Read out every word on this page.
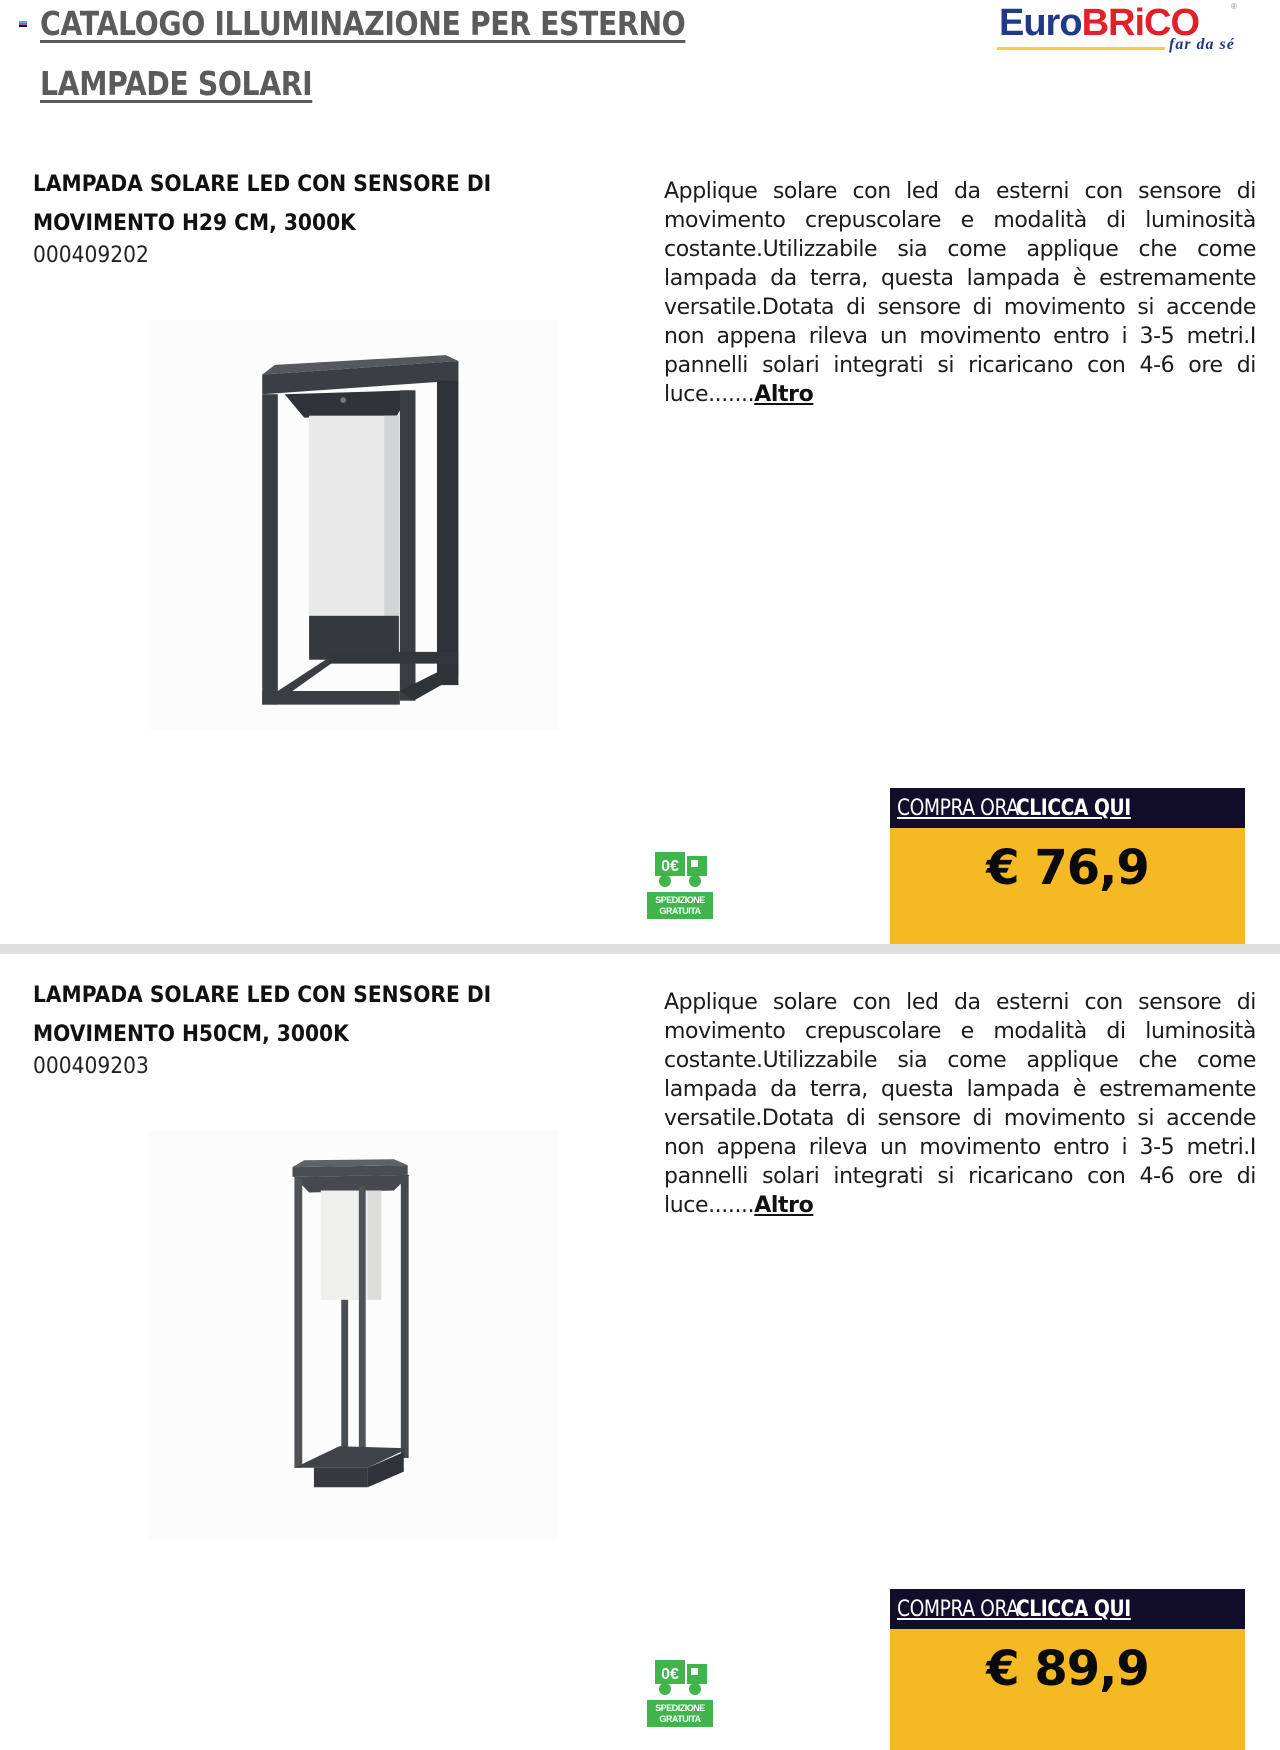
CATALOGO ILLUMINAZIONE PER ESTERNO
LAMPADE SOLARI
EuroBRiCO	®
far da sé
LAMPADA SOLARE LED CON SENSORE DI MOVIMENTO H29 CM, 3000K
000409202
Applique solare con led da esterni con sensore di movimento crepuscolare e modalità di luminosità costante.Utilizzabile sia come applique che come lampada da terra, questa lampada è estremamente versatile.Dotata di sensore di movimento si accende non appena rileva un movimento entro i 3-5 metri.I pannelli solari integrati si ricaricano con 4-6 ore di luce.......Altro
0€
SPEDIZIONE
GRATUITA
COMPRA ORACLICCA QUI
€ 76,9
LAMPADA SOLARE LED CON SENSORE DI MOVIMENTO H50CM, 3000K
000409203
Applique solare con led da esterni con sensore di movimento crepuscolare e modalità di luminosità costante.Utilizzabile sia come applique che come lampada da terra, questa lampada è estremamente versatile.Dotata di sensore di movimento si accende non appena rileva un movimento entro i 3-5 metri.I pannelli solari integrati si ricaricano con 4-6 ore di luce.......Altro
0€
SPEDIZIONE
GRATUITA
COMPRA ORACLICCA QUI
€ 89,9
